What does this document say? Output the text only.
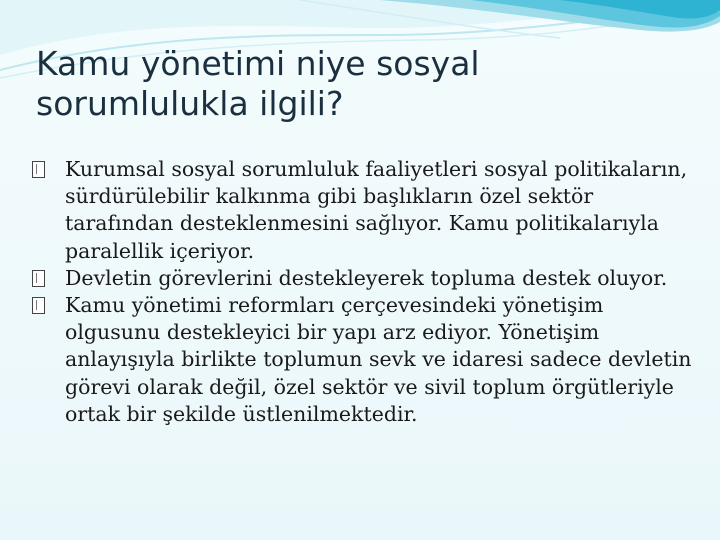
Kamu yönetimi niye sosyal
sorumlulukla ilgili?
Kurumsal sosyal sorumluluk faaliyetleri sosyal politikaların, sürdürülebilir kalkınma gibi başlıkların özel sektör tarafından desteklenmesini sağlıyor. Kamu politikalarıyla paralellik içeriyor.
Devletin görevlerini destekleyerek topluma destek oluyor.
Kamu yönetimi reformları çerçevesindeki yönetişim olgusunu destekleyici bir yapı arz ediyor. Yönetişim anlayışıyla birlikte toplumun sevk ve idaresi sadece devletin görevi olarak değil, özel sektör ve sivil toplum örgütleriyle ortak bir şekilde üstlenilmektedir.
